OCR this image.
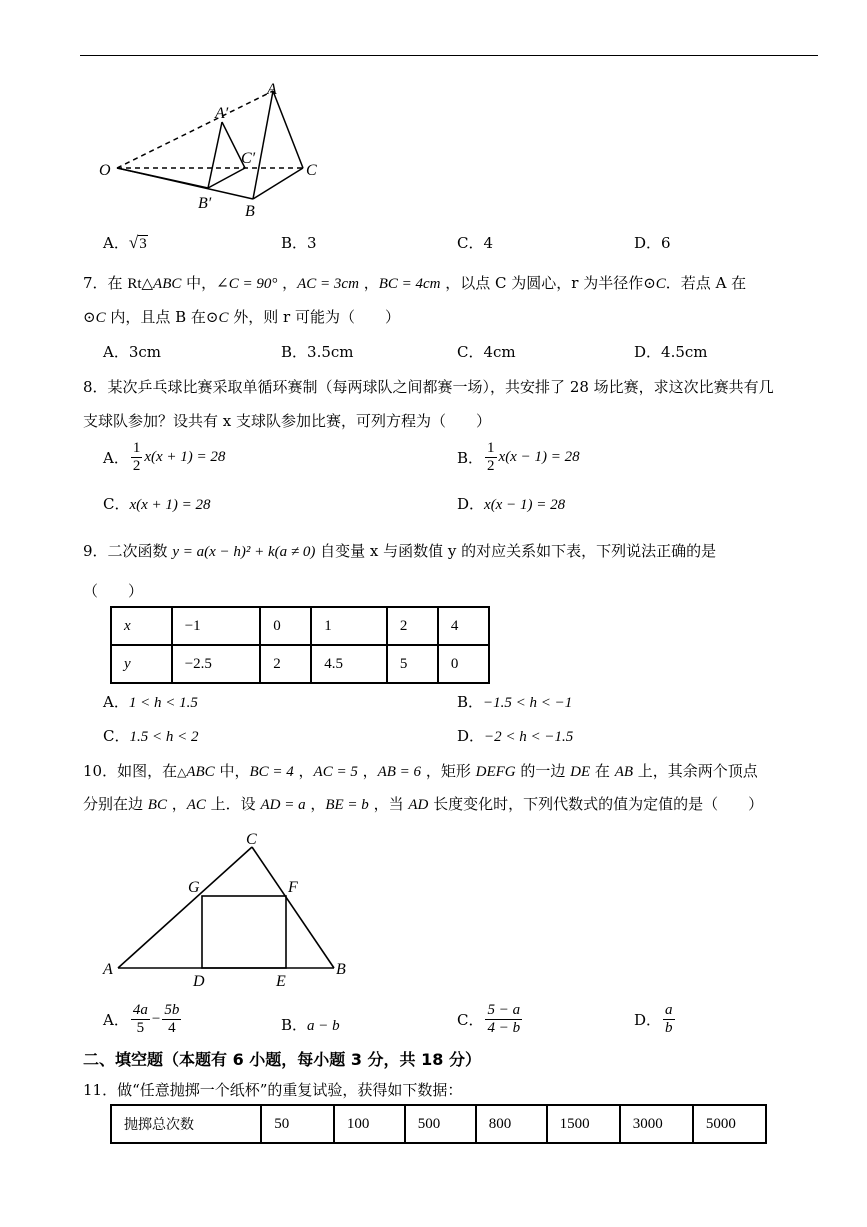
O
A
A′
C′
C
B′ B
A．√3	B．3	C．4	D．6
7．在 Rt△ABC 中，∠C = 90° ，AC = 3cm ，BC = 4cm ，以点 C 为圆心，r 为半径作⊙C．若点 A 在
⊙C 内，且点 B 在⊙C 外，则 r 可能为（　　）
A．3cm	B．3.5cm	C．4cm	D．4.5cm
8．某次乒乓球比赛采取单循环赛制（每两球队之间都赛一场），共安排了 28 场比赛，求这次比赛共有几
支球队参加？设共有 x 支球队参加比赛，可列方程为（　　）
A． $\frac{1}{2} x(x + 1) = 28$	B． $\frac{1}{2} x(x - 1) = 28$
C．x(x + 1) = 28	D．x(x − 1) = 28
9．二次函数 y = a(x − h)² + k(a ≠ 0) 自变量 x 与函数值 y 的对应关系如下表，下列说法正确的是
（　　）
x	−1	0	1	2	4
y	−2.5	2	4.5	5	0
A．1 < h < 1.5	B．−1.5 < h < −1
C．1.5 < h < 2	D．−2 < h < −1.5
10．如图，在△ABC 中，BC = 4 ，AC = 5 ，AB = 6 ，矩形 DEFG 的一边 DE 在 AB 上，其余两个顶点
分别在边 BC ，AC 上．设 AD = a ，BE = b ，当 AD 长度变化时，下列代数式的值为定值的是（　　）
C
G	F
A
D	E
B
A． $\frac{4a}{5} - \frac{5b}{4}$	B．a − b	C． $\frac{5 - a}{4 - b}$	D． $\frac{a}{b}$
二、填空题（本题有 6 小题，每小题 3 分，共 18 分）
11．做“任意抛掷一个纸杯”的重复试验，获得如下数据：
抛掷总次数	50	100	500	800	1500	3000	5000
